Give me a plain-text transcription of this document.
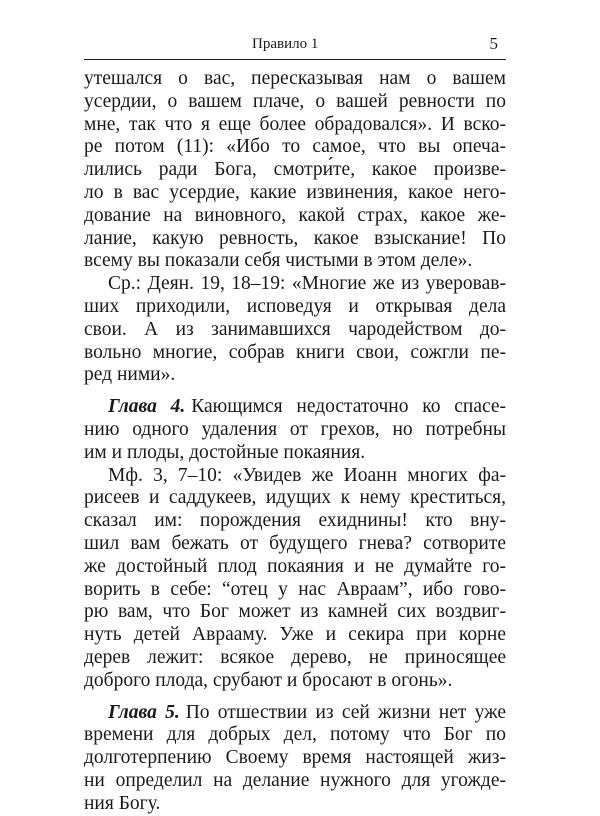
Правило 1	5
утешался о вас, пересказывая нам о вашем
усердии, о вашем плаче, о вашей ревности по
мне, так что я еще более обрадовался». И вско-
ре потом (11): «Ибо то самое, что вы опеча-
лились ради Бога, смотри́те, какое произве-
ло в вас усердие, какие извинения, какое него-
дование на виновного, какой страх, какое же-
лание, какую ревность, какое взыскание! По
всему вы показали себя чистыми в этом деле».
Ср.: Деян. 19, 18–19: «Многие же из уверовав-
ших приходили, исповедуя и открывая дела
свои. А из занимавшихся чародейством до-
вольно многие, собрав книги свои, сожгли пе-
ред ними».
Глава 4. Кающимся недостаточно ко спасе-
нию одного удаления от грехов, но потребны
им и плоды, достойные покаяния.
Мф. 3, 7–10: «Увидев же Иоанн многих фа-
рисеев и саддукеев, идущих к нему креститься,
сказал им: порождения ехиднины! кто вну-
шил вам бежать от будущего гнева? сотворите
же достойный плод покаяния и не думайте го-
ворить в себе: “отец у нас Авраам”, ибо гово-
рю вам, что Бог может из камней сих воздвиг-
нуть детей Аврааму. Уже и секира при корне
дерев лежит: всякое дерево, не приносящее
доброго плода, срубают и бросают в огонь».
Глава 5. По отшествии из сей жизни нет уже
времени для добрых дел, потому что Бог по
долготерпению Своему время настоящей жиз-
ни определил на делание нужного для угожде-
ния Богу.
